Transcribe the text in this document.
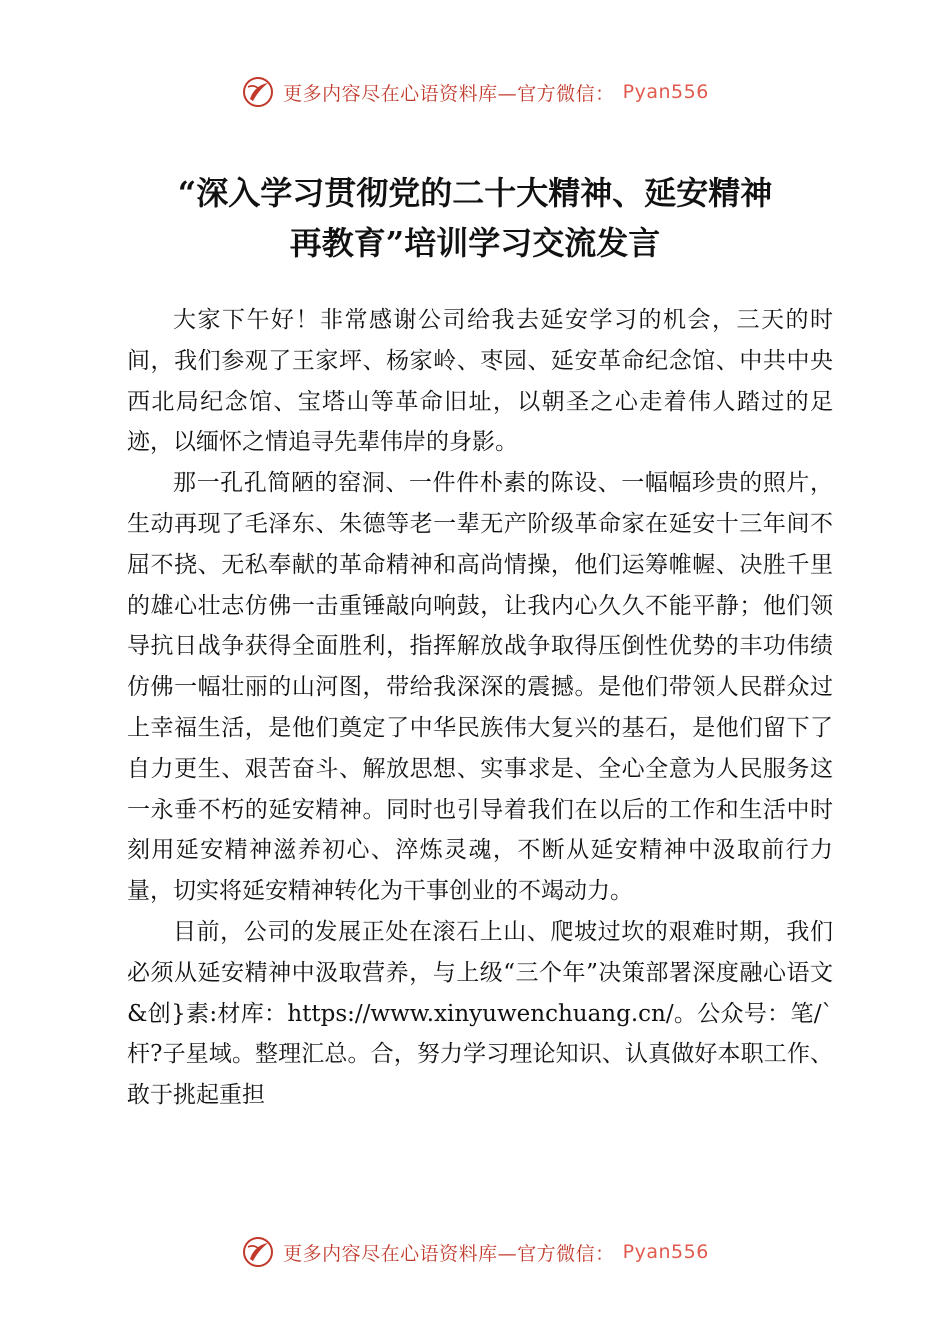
更多内容尽在心语资料库—官方微信： Pyan556
“深入学习贯彻党的二十大精神、延安精神
再教育”培训学习交流发言

大家下午好！非常感谢公司给我去延安学习的机会，三天的时间，我们参观了王家坪、杨家岭、枣园、延安革命纪念馆、中共中央西北局纪念馆、宝塔山等革命旧址，以朝圣之心走着伟人踏过的足迹，以缅怀之情追寻先辈伟岸的身影。

那一孔孔简陋的窑洞、一件件朴素的陈设、一幅幅珍贵的照片，生动再现了毛泽东、朱德等老一辈无产阶级革命家在延安十三年间不屈不挠、无私奉献的革命精神和高尚情操，他们运筹帷幄、决胜千里的雄心壮志仿佛一击重锤敲向响鼓，让我内心久久不能平静；他们领导抗日战争获得全面胜利，指挥解放战争取得压倒性优势的丰功伟绩仿佛一幅壮丽的山河图，带给我深深的震撼。是他们带领人民群众过上幸福生活，是他们奠定了中华民族伟大复兴的基石，是他们留下了自力更生、艰苦奋斗、解放思想、实事求是、全心全意为人民服务这一永垂不朽的延安精神。同时也引导着我们在以后的工作和生活中时刻用延安精神滋养初心、淬炼灵魂，不断从延安精神中汲取前行力量，切实将延安精神转化为干事创业的不竭动力。

目前，公司的发展正处在滚石上山、爬坡过坎的艰难时期，我们必须从延安精神中汲取营养，与上级“三个年”决策部署深度融心语文&创}素:材库：https://www.xinyuwenchuang.cn/。公众号：笔/`杆?子星域。整理汇总。合，努力学习理论知识、认真做好本职工作、敢于挑起重担

更多内容尽在心语资料库—官方微信： Pyan556
